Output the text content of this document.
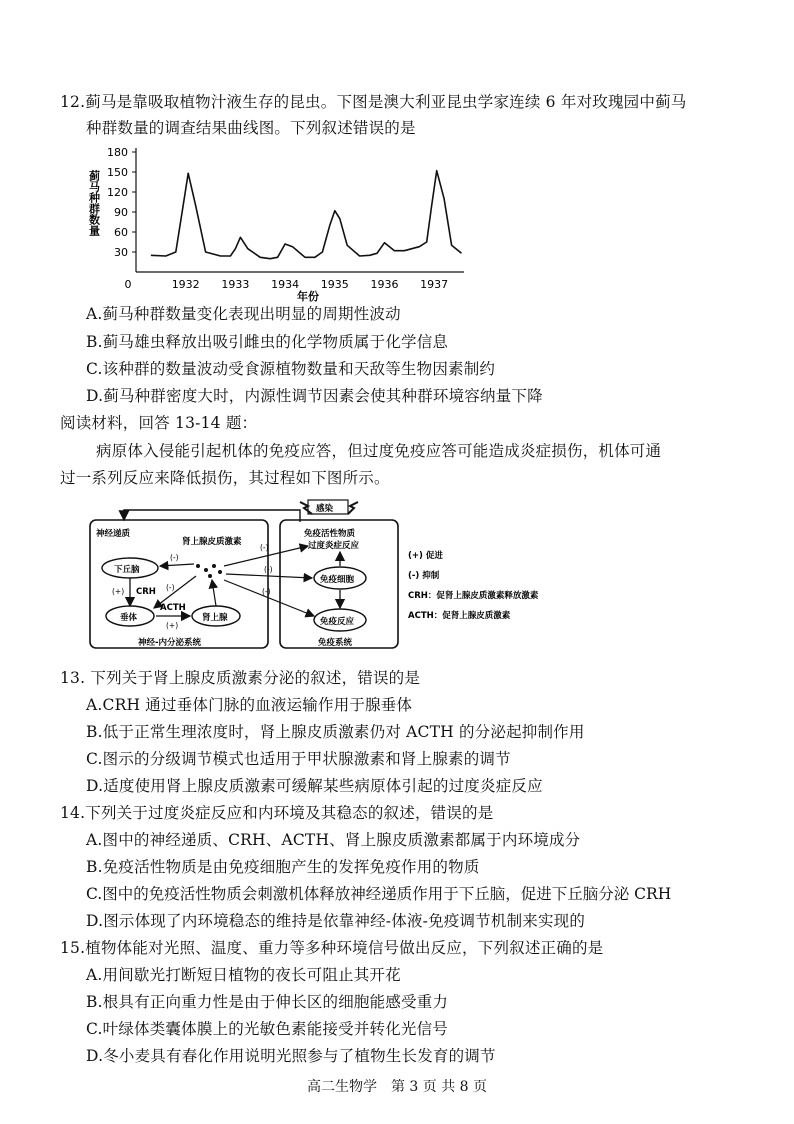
12.蓟马是靠吸取植物汁液生存的昆虫。下图是澳大利亚昆虫学家连续 6 年对玫瑰园中蓟马
种群数量的调查结果曲线图。下列叙述错误的是
180
150
120
90
60
30
0	1932 1933 1934 1935 1936 1937
蓟马种群数量
年份
A.蓟马种群数量变化表现出明显的周期性波动
B.蓟马雄虫释放出吸引雌虫的化学物质属于化学信息
C.该种群的数量波动受食源植物数量和天敌等生物因素制约
D.蓟马种群密度大时，内源性调节因素会使其种群环境容纳量下降
阅读材料，回答 13-14 题：
病原体入侵能引起机体的免疫应答，但过度免疫应答可能造成炎症损伤，机体可通
过一系列反应来降低损伤，其过程如下图所示。
感染
免疫活性物质
过度炎症反应
免疫细胞
免疫反应
免疫系统
神经递质
肾上腺皮质激素
下丘脑
(+) CRH
垂体
ACTH
(+)
肾上腺
神经-内分泌系统
(-)
(-)
(-)
(-)
(-)
(+) 促进
(-) 抑制
CRH：促肾上腺皮质激素释放激素
ACTH：促肾上腺皮质激素
13. 下列关于肾上腺皮质激素分泌的叙述，错误的是
A.CRH 通过垂体门脉的血液运输作用于腺垂体
B.低于正常生理浓度时，肾上腺皮质激素仍对 ACTH 的分泌起抑制作用
C.图示的分级调节模式也适用于甲状腺激素和肾上腺素的调节
D.适度使用肾上腺皮质激素可缓解某些病原体引起的过度炎症反应
14.下列关于过度炎症反应和内环境及其稳态的叙述，错误的是
A.图中的神经递质、CRH、ACTH、肾上腺皮质激素都属于内环境成分
B.免疫活性物质是由免疫细胞产生的发挥免疫作用的物质
C.图中的免疫活性物质会刺激机体释放神经递质作用于下丘脑，促进下丘脑分泌 CRH
D.图示体现了内环境稳态的维持是依靠神经-体液-免疫调节机制来实现的
15.植物体能对光照、温度、重力等多种环境信号做出反应，下列叙述正确的是
A.用间歇光打断短日植物的夜长可阻止其开花
B.根具有正向重力性是由于伸长区的细胞能感受重力
C.叶绿体类囊体膜上的光敏色素能接受并转化光信号
D.冬小麦具有春化作用说明光照参与了植物生长发育的调节
高二生物学　第 3 页 共 8 页
